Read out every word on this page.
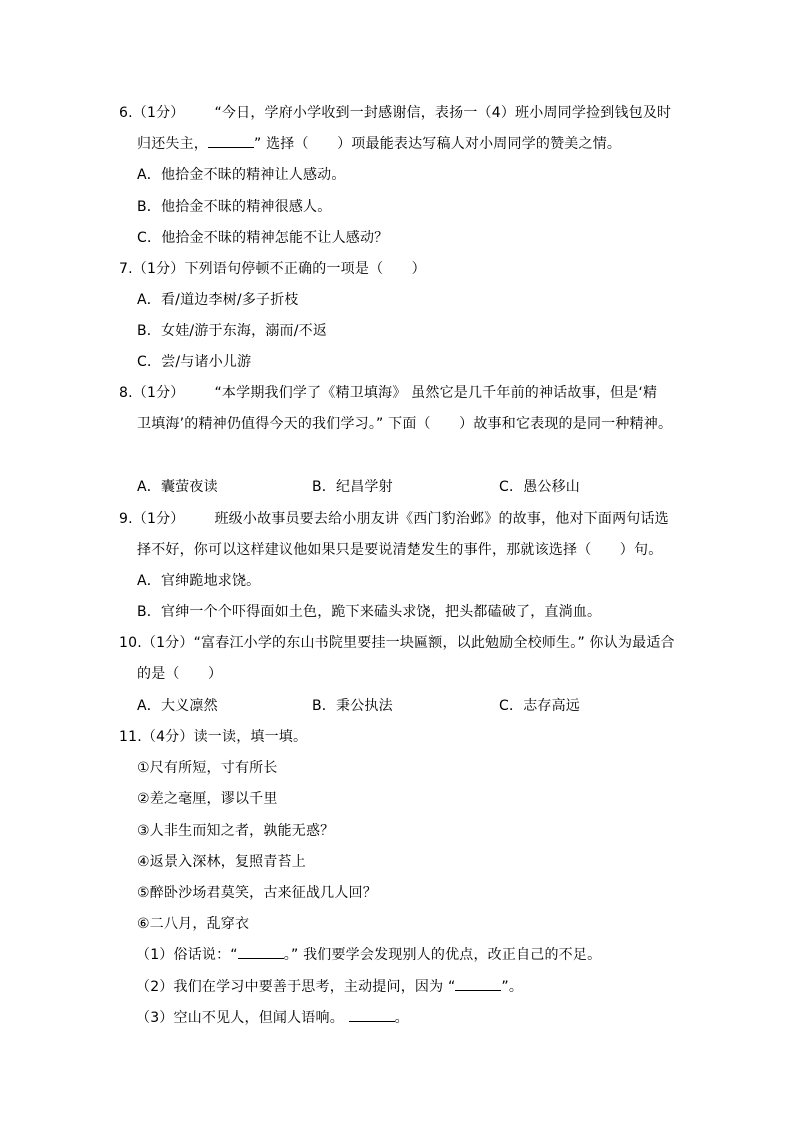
6.（1分） “今日，学府小学收到一封感谢信，表扬一（4）班小周同学捡到钱包及时
归还失主，	” 选择（　　）项最能表达写稿人对小周同学的赞美之情。
A．他拾金不昧的精神让人感动。
B．他拾金不昧的精神很感人。
C．他拾金不昧的精神怎能不让人感动？
7.（1分）下列语句停顿不正确的一项是（　　）
A．看/道边李树/多子折枝
B．女娃/游于东海，溺而/不返
C．尝/与诸小儿游
8.（1分） “本学期我们学了《精卫填海》 虽然它是几千年前的神话故事，但是‘精
卫填海’的精神仍值得今天的我们学习。” 下面（　　）故事和它表现的是同一种精神。
A．囊萤夜读	B．纪昌学射	C．愚公移山
9.（1分） 班级小故事员要去给小朋友讲《西门豹治邺》的故事，他对下面两句话选
择不好，你可以这样建议他如果只是要说清楚发生的事件，那就该选择（　　）句。
A．官绅跪地求饶。
B．官绅一个个吓得面如土色，跪下来磕头求饶，把头都磕破了，直淌血。
10.（1分）“富春江小学的东山书院里要挂一块匾额，以此勉励全校师生。” 你认为最适合
的是（　　）
A．大义凛然	B．秉公执法	C．志存高远
11.（4分）读一读，填一填。
①尺有所短，寸有所长
②差之毫厘，谬以千里
③人非生而知之者，孰能无惑？
④返景入深林，复照青苔上
⑤醉卧沙场君莫笑，古来征战几人回？
⑥二八月，乱穿衣
（1）俗话说：“	。” 我们要学会发现别人的优点，改正自己的不足。
（2）我们在学习中要善于思考，主动提问，因为 “	”。
（3）空山不见人，但闻人语响。	。
